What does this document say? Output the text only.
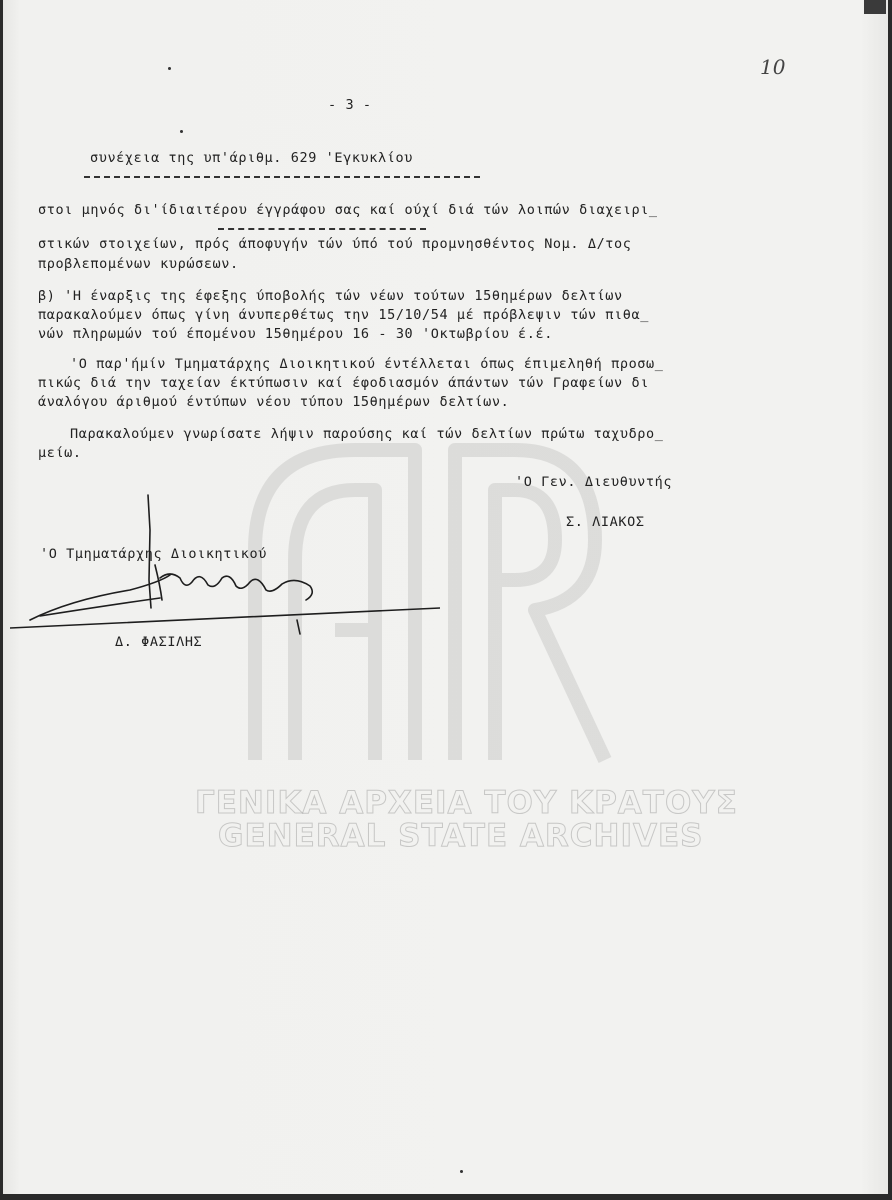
ΓΕΝΙΚΑ ΑΡΧΕΙΑ ΤΟΥ ΚΡΑΤΟΥΣ
GENERAL STATE ARCHIVES
10
- 3 -
συνέχεια της υπ'άριθμ. 629 'Εγκυκλίου
στοι μηνός δι'ίδιαιτέρου έγγράφου σας καί ούχί διά τών λοιπών διαχειρι_
στικών στοιχείων, πρός άποφυγήν τών ύπό τού προμνησθέντος Νομ. Δ/τος
προβλεπομένων κυρώσεων.
β) 'Η έναρξις της έφεξης ύποβολής τών νέων τούτων 15θημέρων δελτίων
παρακαλούμεν όπως γίνη άνυπερθέτως την 15/10/54 μέ πρόβλεψιν τών πιθα_
νών πληρωμών τού έπομένου 15θημέρου 16 - 30 'Οκτωβρίου έ.έ.
'Ο παρ'ήμίν Τμηματάρχης Διοικητικού έντέλλεται όπως έπιμεληθή προσω_
πικώς διά την ταχείαν έκτύπωσιν καί έφοδιασμόν άπάντων τών Γραφείων δι
άναλόγου άριθμού έντύπων νέου τύπου 15θημέρων δελτίων.
Παρακαλούμεν γνωρίσατε λήψιν παρούσης καί τών δελτίων πρώτω ταχυδρο_
μείω.
'Ο Γεν. Διευθυντής
Σ. ΛΙΑΚΟΣ
'Ο Τμηματάρχης Διοικητικού
Δ. ΦΑΣΙΛΗΣ
